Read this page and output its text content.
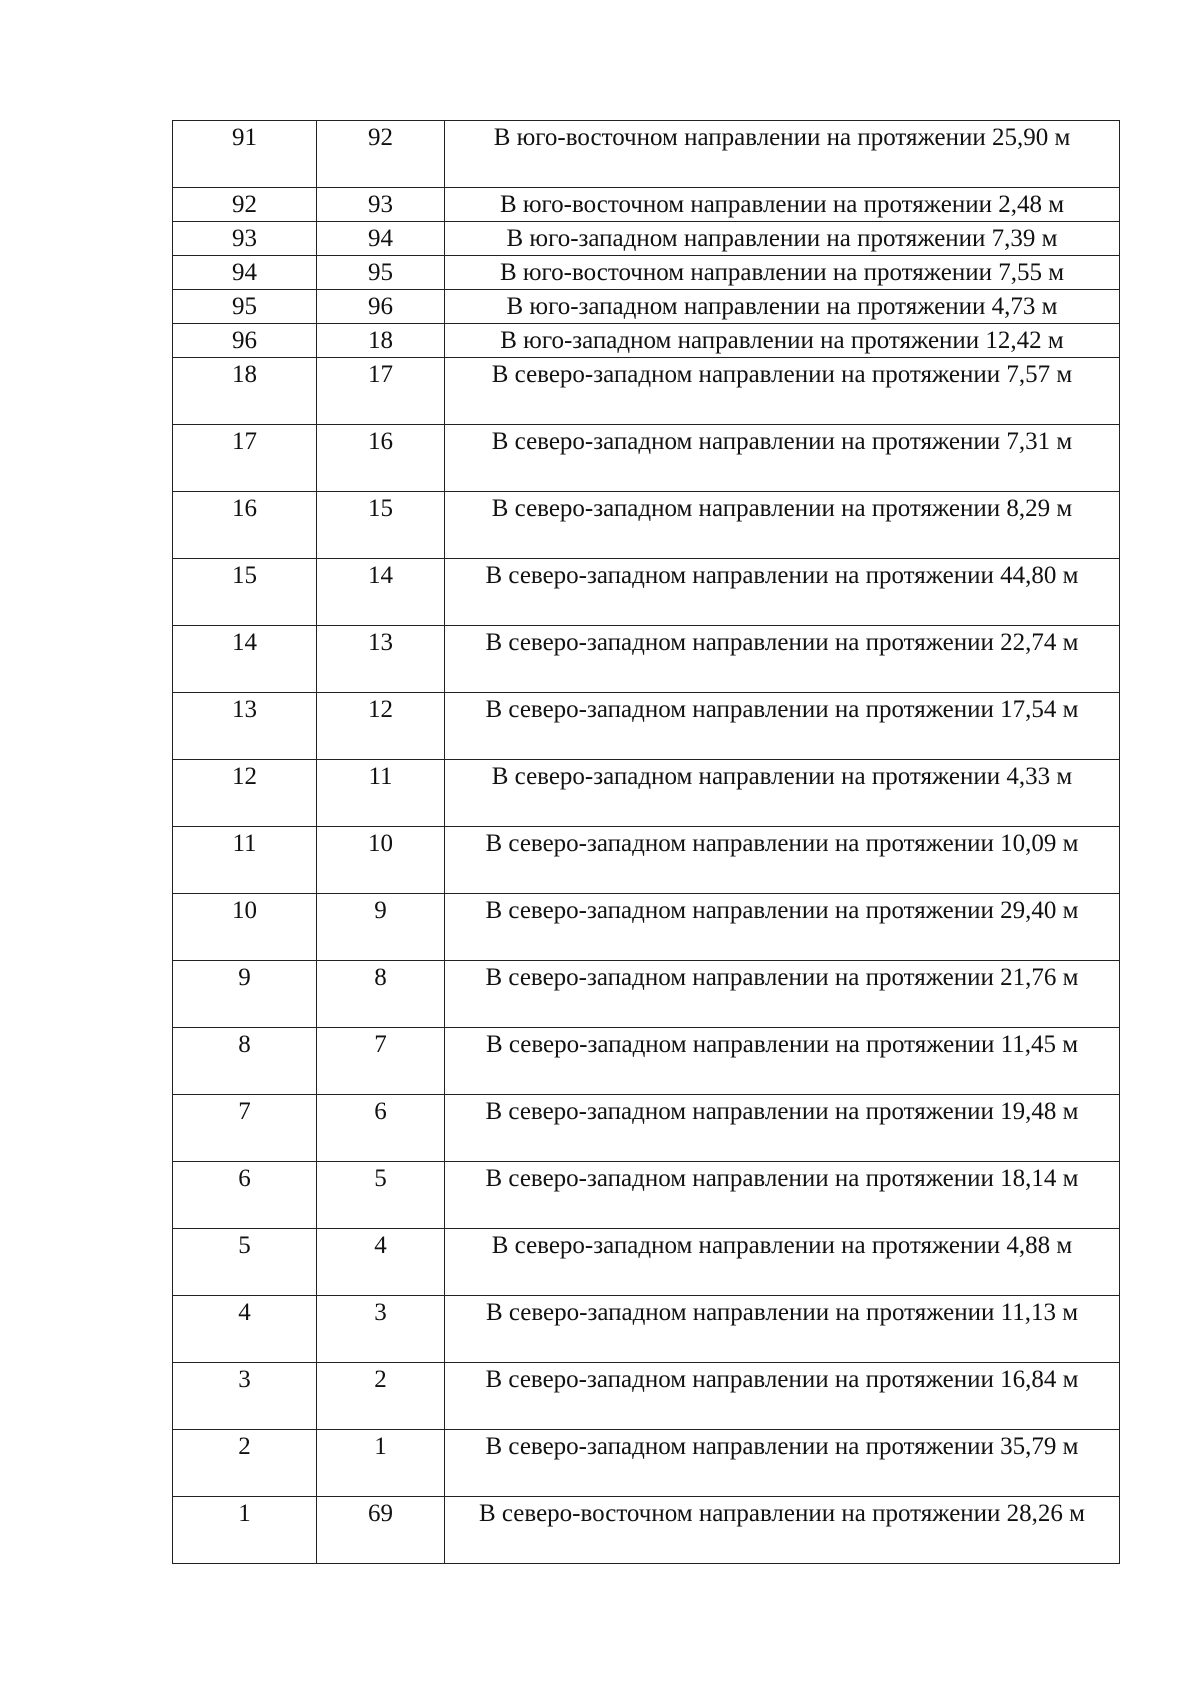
91	92	В юго-восточном направлении на протяжении 25,90 м
92	93	В юго-восточном направлении на протяжении 2,48 м
93	94	В юго-западном направлении на протяжении 7,39 м
94	95	В юго-восточном направлении на протяжении 7,55 м
95	96	В юго-западном направлении на протяжении 4,73 м
96	18	В юго-западном направлении на протяжении 12,42 м
18	17	В северо-западном направлении на протяжении 7,57 м
17	16	В северо-западном направлении на протяжении 7,31 м
16	15	В северо-западном направлении на протяжении 8,29 м
15	14	В северо-западном направлении на протяжении 44,80 м
14	13	В северо-западном направлении на протяжении 22,74 м
13	12	В северо-западном направлении на протяжении 17,54 м
12	11	В северо-западном направлении на протяжении 4,33 м
11	10	В северо-западном направлении на протяжении 10,09 м
10	9	В северо-западном направлении на протяжении 29,40 м
9	8	В северо-западном направлении на протяжении 21,76 м
8	7	В северо-западном направлении на протяжении 11,45 м
7	6	В северо-западном направлении на протяжении 19,48 м
6	5	В северо-западном направлении на протяжении 18,14 м
5	4	В северо-западном направлении на протяжении 4,88 м
4	3	В северо-западном направлении на протяжении 11,13 м
3	2	В северо-западном направлении на протяжении 16,84 м
2	1	В северо-западном направлении на протяжении 35,79 м
1	69	В северо-восточном направлении на протяжении 28,26 м
